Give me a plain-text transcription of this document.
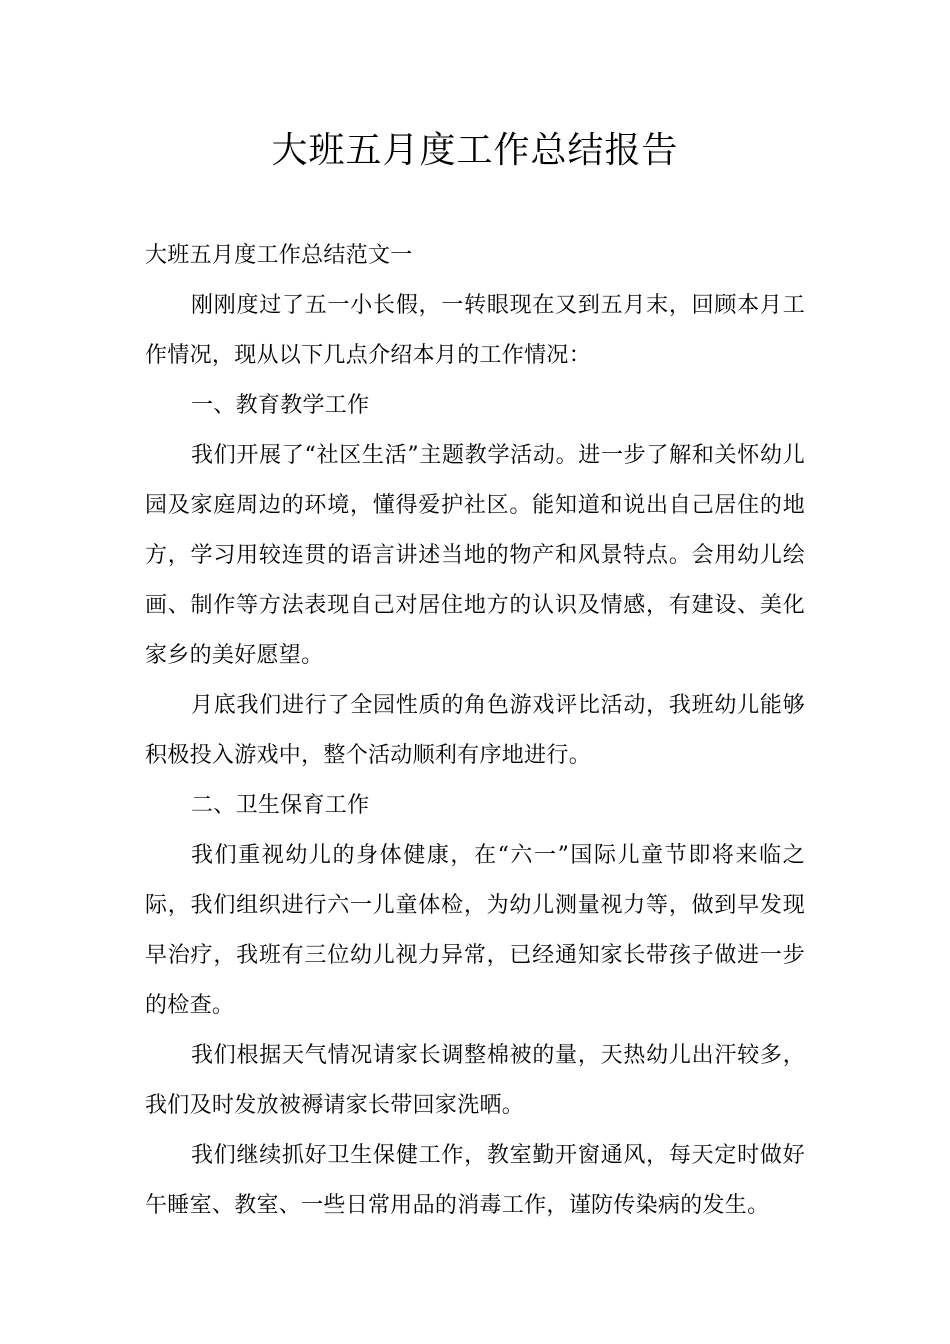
大班五月度工作总结报告

大班五月度工作总结范文一

刚刚度过了五一小长假，一转眼现在又到五月末，回顾本月工作情况，现从以下几点介绍本月的工作情况：

一、教育教学工作

我们开展了“社区生活”主题教学活动。进一步了解和关怀幼儿园及家庭周边的环境，懂得爱护社区。能知道和说出自己居住的地方，学习用较连贯的语言讲述当地的物产和风景特点。会用幼儿绘画、制作等方法表现自己对居住地方的认识及情感，有建设、美化家乡的美好愿望。

月底我们进行了全园性质的角色游戏评比活动，我班幼儿能够积极投入游戏中，整个活动顺利有序地进行。

二、卫生保育工作

我们重视幼儿的身体健康，在“六一”国际儿童节即将来临之际，我们组织进行六一儿童体检，为幼儿测量视力等，做到早发现早治疗，我班有三位幼儿视力异常，已经通知家长带孩子做进一步的检查。

我们根据天气情况请家长调整棉被的量，天热幼儿出汗较多，我们及时发放被褥请家长带回家洗晒。

我们继续抓好卫生保健工作，教室勤开窗通风，每天定时做好午睡室、教室、一些日常用品的消毒工作，谨防传染病的发生。
